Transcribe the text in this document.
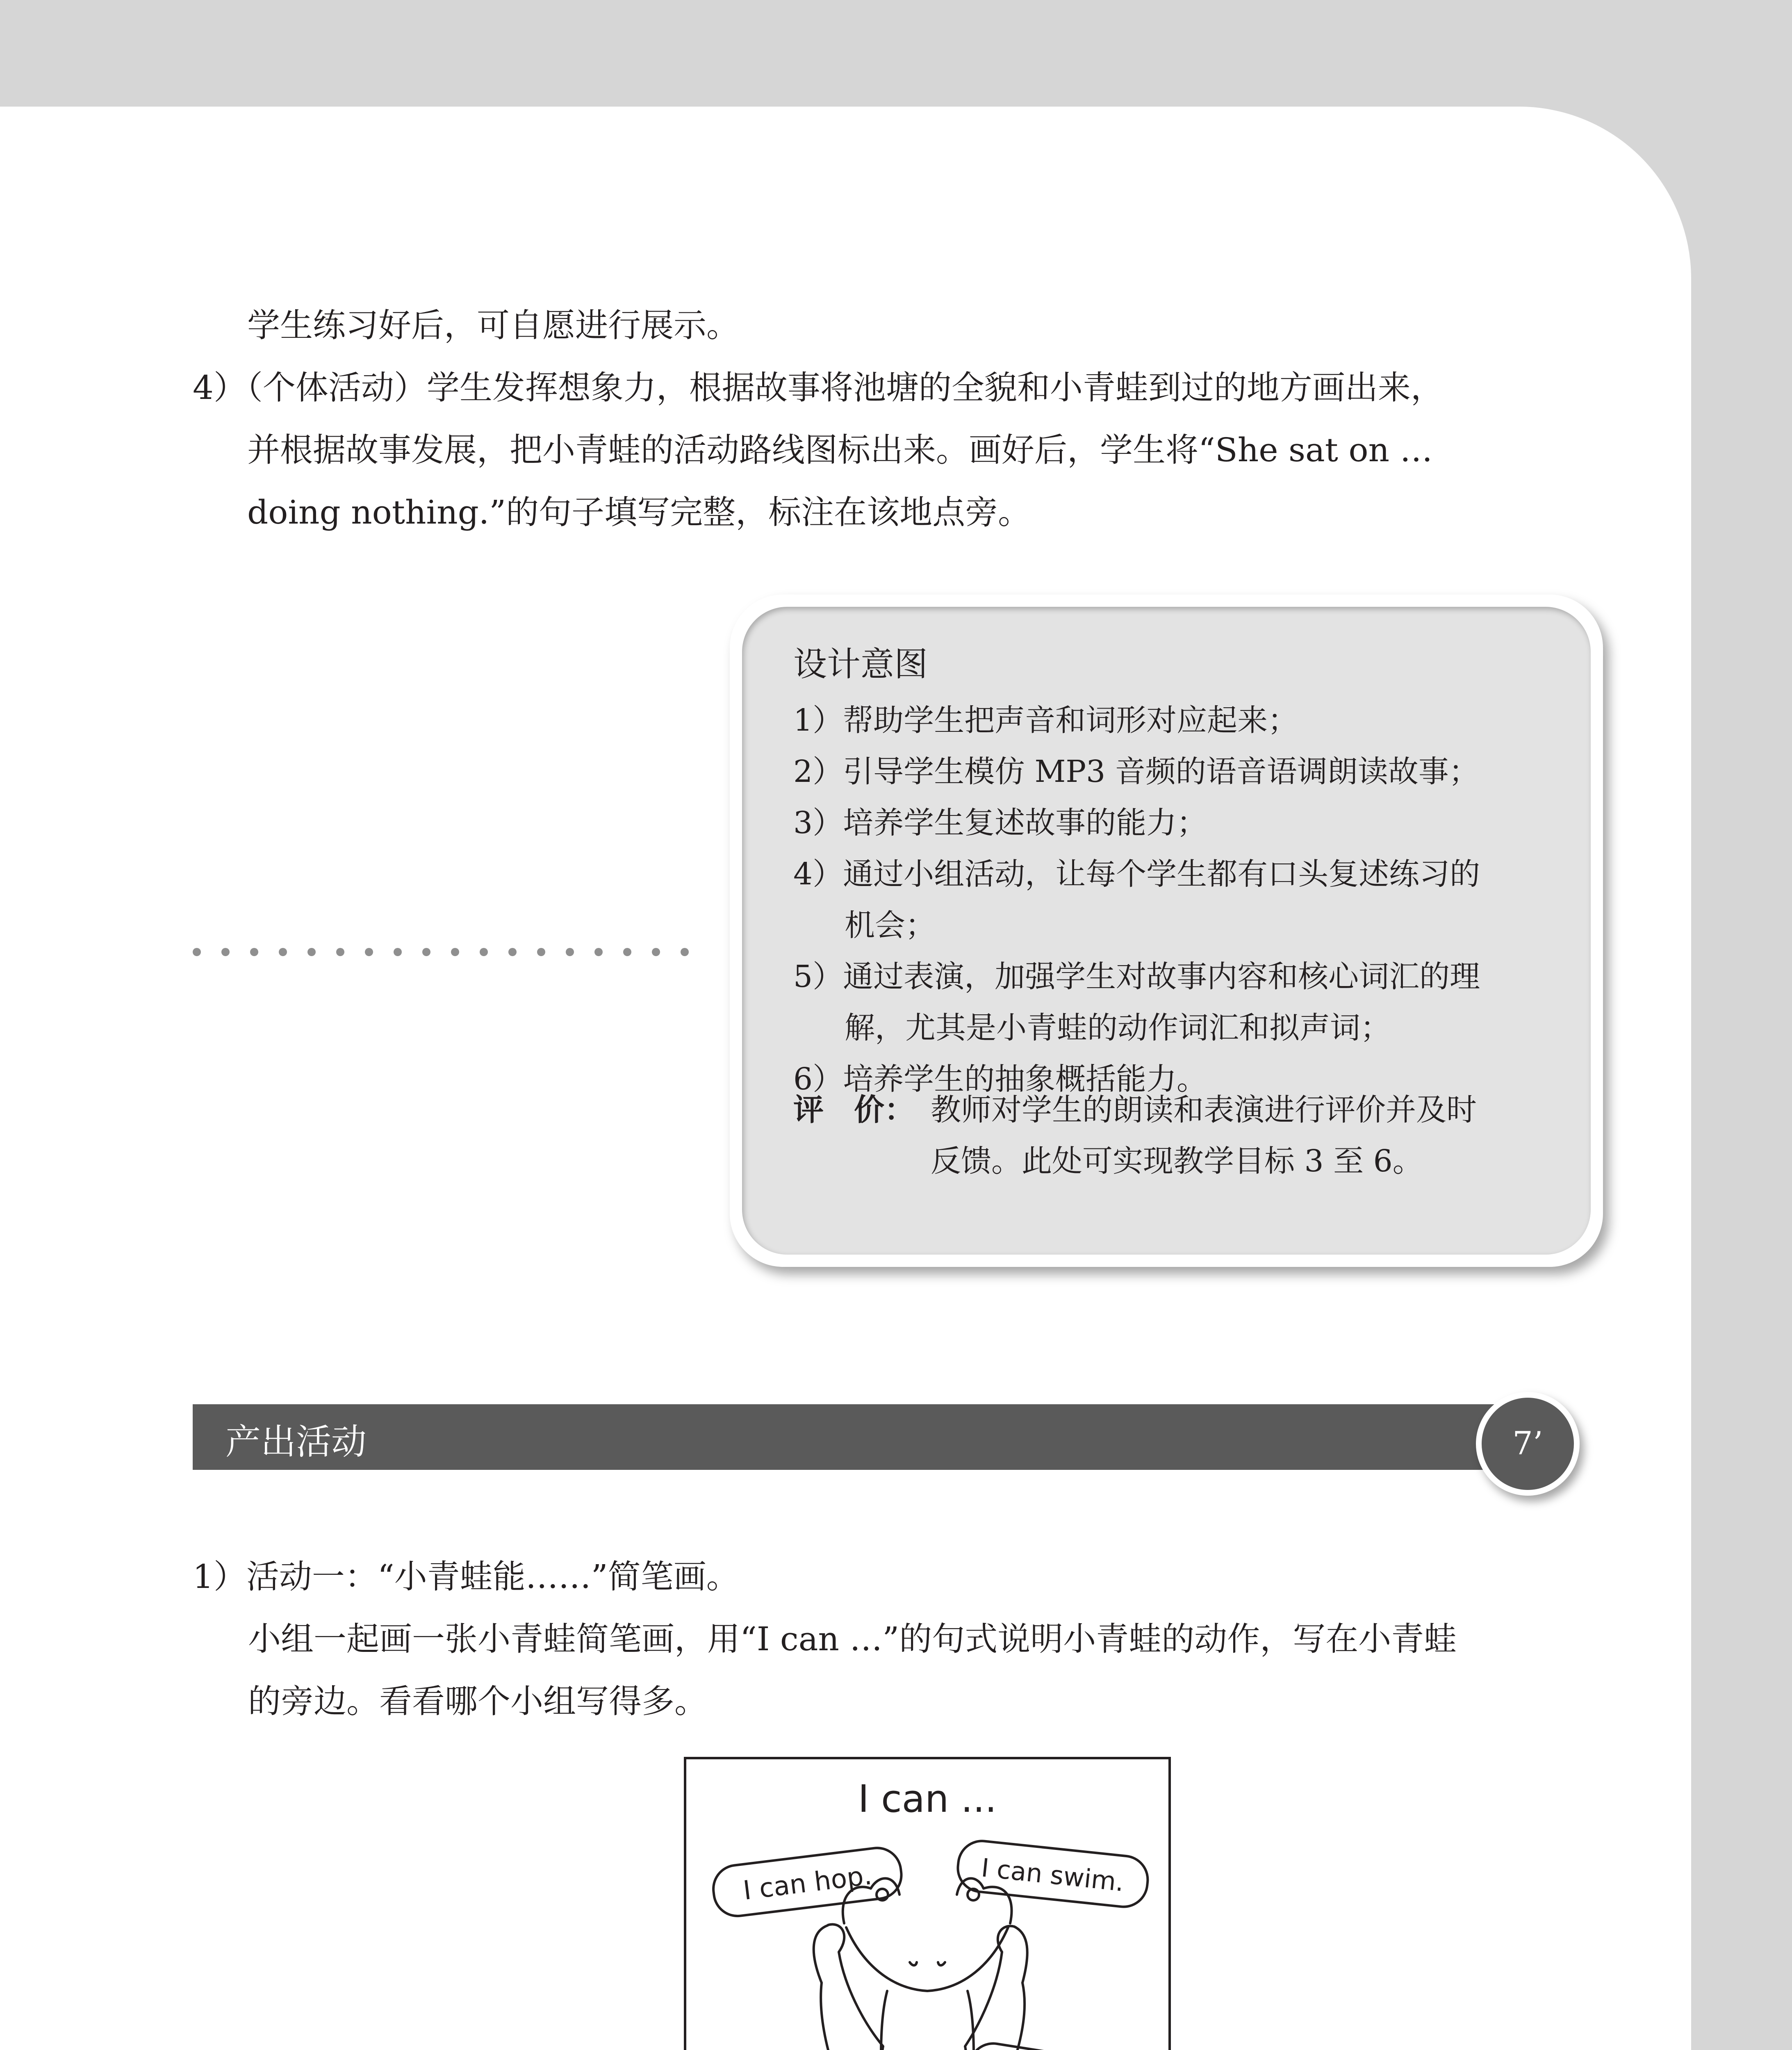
学生练习好后，可自愿进行展示。

4）（个体活动）学生发挥想象力，根据故事将池塘的全貌和小青蛙到过的地方画出来，

并根据故事发展，把小青蛙的活动路线图标出来。画好后，学生将“She sat on …

doing nothing.”的句子填写完整，标注在该地点旁。

设计意图
1）帮助学生把声音和词形对应起来；
2）引导学生模仿 MP3 音频的语音语调朗读故事；
3）培养学生复述故事的能力；
4）通过小组活动，让每个学生都有口头复述练习的
机会；
5）通过表演，加强学生对故事内容和核心词汇的理
解，尤其是小青蛙的动作词汇和拟声词；
6）培养学生的抽象概括能力。
评　价： 教师对学生的朗读和表演进行评价并及时
反馈。此处可实现教学目标 3 至 6。
产出活动	7’

1）活动一：“小青蛙能……”简笔画。

小组一起画一张小青蛙简笔画，用“I can …”的句式说明小青蛙的动作，写在小青蛙

的旁边。看看哪个小组写得多。

I can ...
I can hop.	I can swim.
